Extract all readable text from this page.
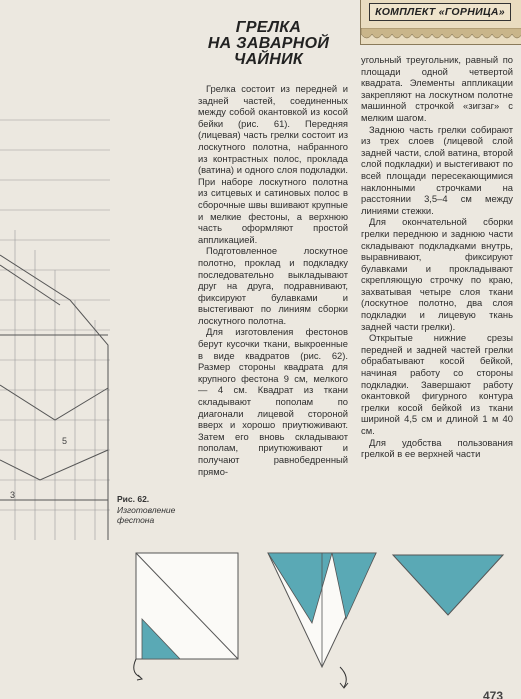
5
3
КОМПЛЕКТ «ГОРНИЦА»
ГРЕЛКА
НА ЗАВАРНОЙ
ЧАЙНИК

Грелка состоит из передней и задней частей, соединенных между собой окантовкой из косой бейки (рис. 61). Передняя (лицевая) часть грелки состоит из лоскутного полотна, набранного из контрастных полос, проклада (ватина) и одного слоя подкладки. При наборе лоскутного полотна из ситцевых и сатиновых полос в сборочные швы вшивают крупные и мелкие фестоны, а верхнюю часть оформляют простой аппликацией.

Подготовленное лоскутное полотно, проклад и подкладку последовательно выкладывают друг на друга, подравнивают, фиксируют булавками и выстегивают по линиям сборки лоскутного полотна.

Для изготовления фестонов берут кусочки ткани, выкроенные в виде квадратов (рис. 62). Размер стороны квадрата для крупного фестона 9 см, мелкого — 4 см. Квадрат из ткани складывают пополам по диагонали лицевой стороной вверх и хорошо приутюживают. Затем его вновь складывают пополам, приутюживают и получают равнобедренный прямо-

угольный треугольник, равный по площади одной четвертой квадрата. Элементы аппликации закрепляют на лоскутном полотне машинной строчкой «зигзаг» с мелким шагом.

Заднюю часть грелки собирают из трех слоев (лицевой слой задней части, слой ватина, второй слой подкладки) и выстегивают по всей площади пересекающимися наклонными строчками на расстоянии 3,5–4 см между линиями стежки.

Для окончательной сборки грелки переднюю и заднюю части складывают подкладками внутрь, выравнивают, фиксируют булавками и прокладывают скрепляющую строчку по краю, захватывая четыре слоя ткани (лоскутное полотно, два слоя подкладки и лицевую ткань задней части грелки).

Открытые нижние срезы передней и задней частей грелки обрабатывают косой бейкой, начиная работу со стороны подкладки. Завершают работу окантовкой фигурного контура грелки косой бейкой из ткани шириной 4,5 см и длиной 1 м 40 см.

Для удобства пользования грелкой в ее верхней части

Рис. 62.
Изготовление фестона
473
